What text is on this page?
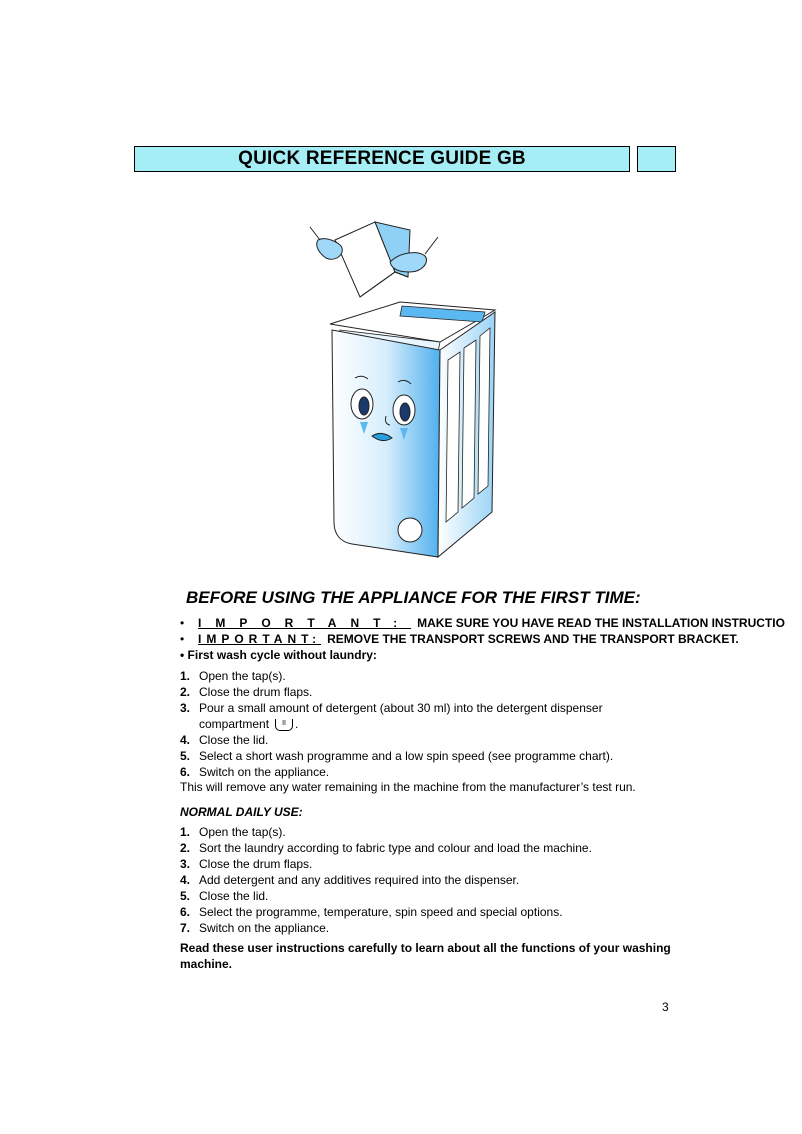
QUICK REFERENCE GUIDE GB
BEFORE USING THE APPLIANCE FOR THE FIRST TIME:
• IMPORTANT: MAKE SURE YOU HAVE READ THE INSTALLATION INSTRUCTIO
• IMPORTANT: REMOVE THE TRANSPORT SCREWS AND THE TRANSPORT BRACKET.
• First wash cycle without laundry:
1. Open the tap(s).
2. Close the drum flaps.
3. Pour a small amount of detergent (about 30 ml) into the detergent dispenser
compartment II .
4. Close the lid.
5. Select a short wash programme and a low spin speed (see programme chart).
6. Switch on the appliance.
This will remove any water remaining in the machine from the manufacturer’s test run.
NORMAL DAILY USE:
1. Open the tap(s).
2. Sort the laundry according to fabric type and colour and load the machine.
3. Close the drum flaps.
4. Add detergent and any additives required into the dispenser.
5. Close the lid.
6. Select the programme, temperature, spin speed and special options.
7. Switch on the appliance.
Read these user instructions carefully to learn about all the functions of your washing machine.
3
